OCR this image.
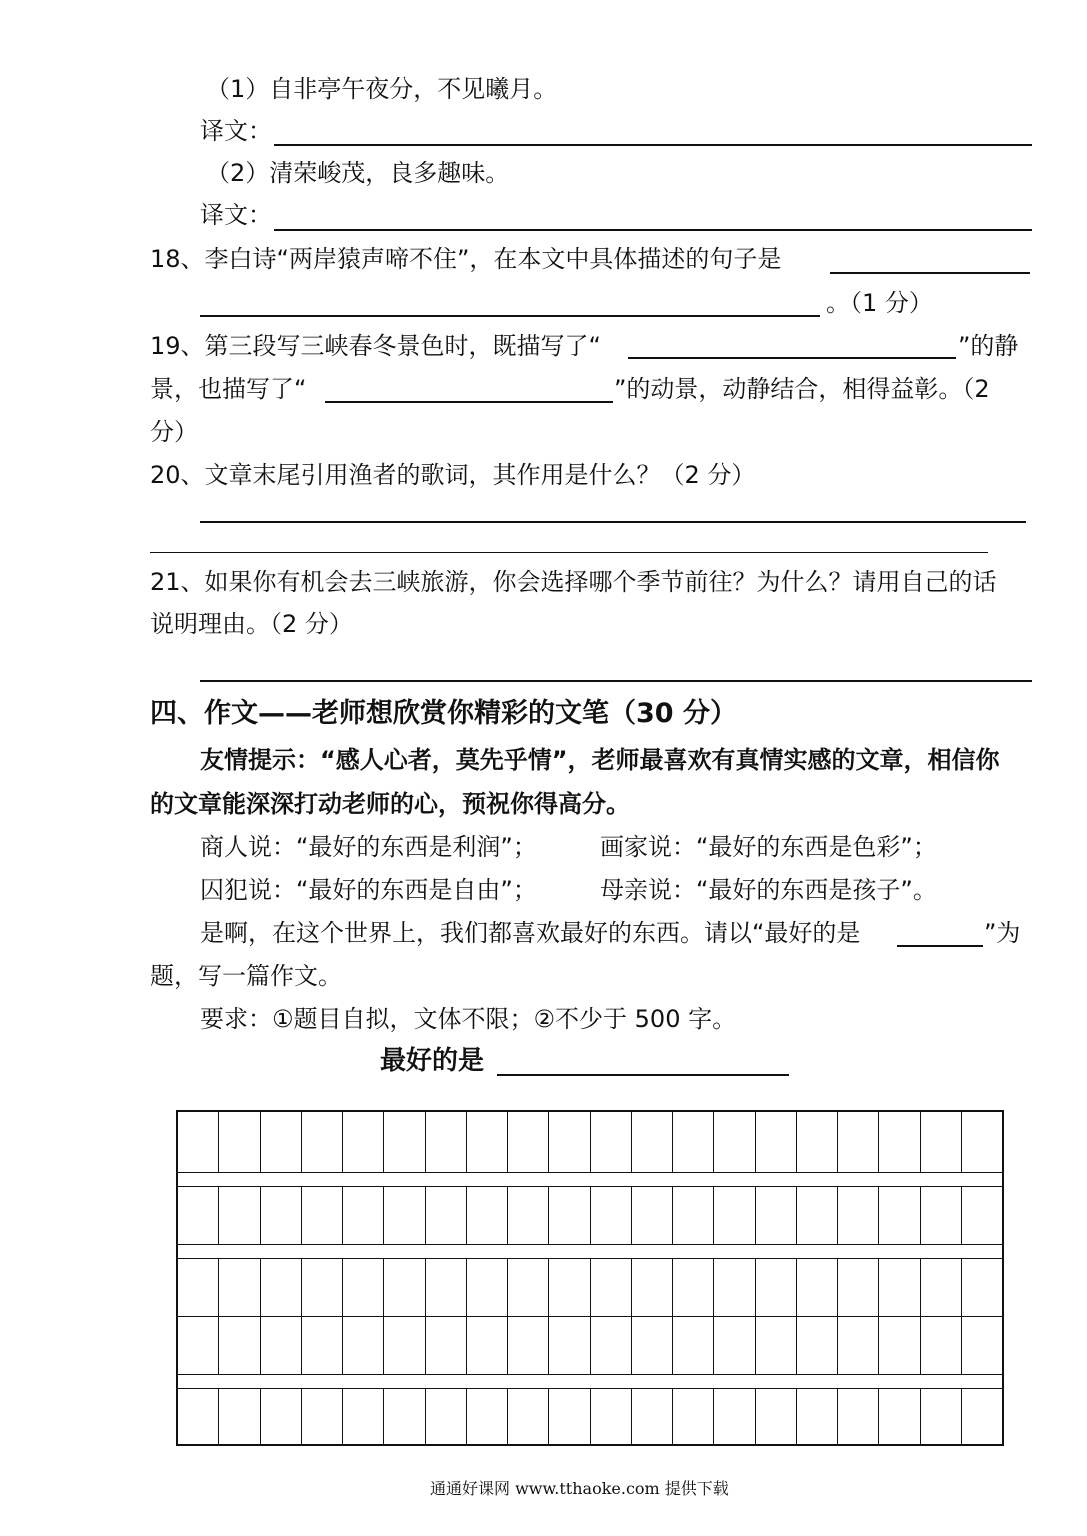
（1）自非亭午夜分，不见曦月。
译文：
（2）清荣峻茂，良多趣味。
译文：
18、李白诗“两岸猿声啼不住”，在本文中具体描述的句子是
。（1 分）
19、第三段写三峡春冬景色时，既描写了“	”的静
景，也描写了“	”的动景，动静结合，相得益彰。（2
分）
20、文章末尾引用渔者的歌词，其作用是什么？（2 分）
21、如果你有机会去三峡旅游，你会选择哪个季节前往？为什么？请用自己的话
说明理由。（2 分）
四、作文——老师想欣赏你精彩的文笔（30 分）
友情提示：“感人心者，莫先乎情”，老师最喜欢有真情实感的文章，相信你
的文章能深深打动老师的心，预祝你得高分。
商人说：“最好的东西是利润”；	画家说：“最好的东西是色彩”；
囚犯说：“最好的东西是自由”；	母亲说：“最好的东西是孩子”。
是啊，在这个世界上，我们都喜欢最好的东西。请以“最好的是	”为
题，写一篇作文。
要求：①题目自拟，文体不限；②不少于 500 字。
最好的是
通通好课网 www.tthaoke.com 提供下载
